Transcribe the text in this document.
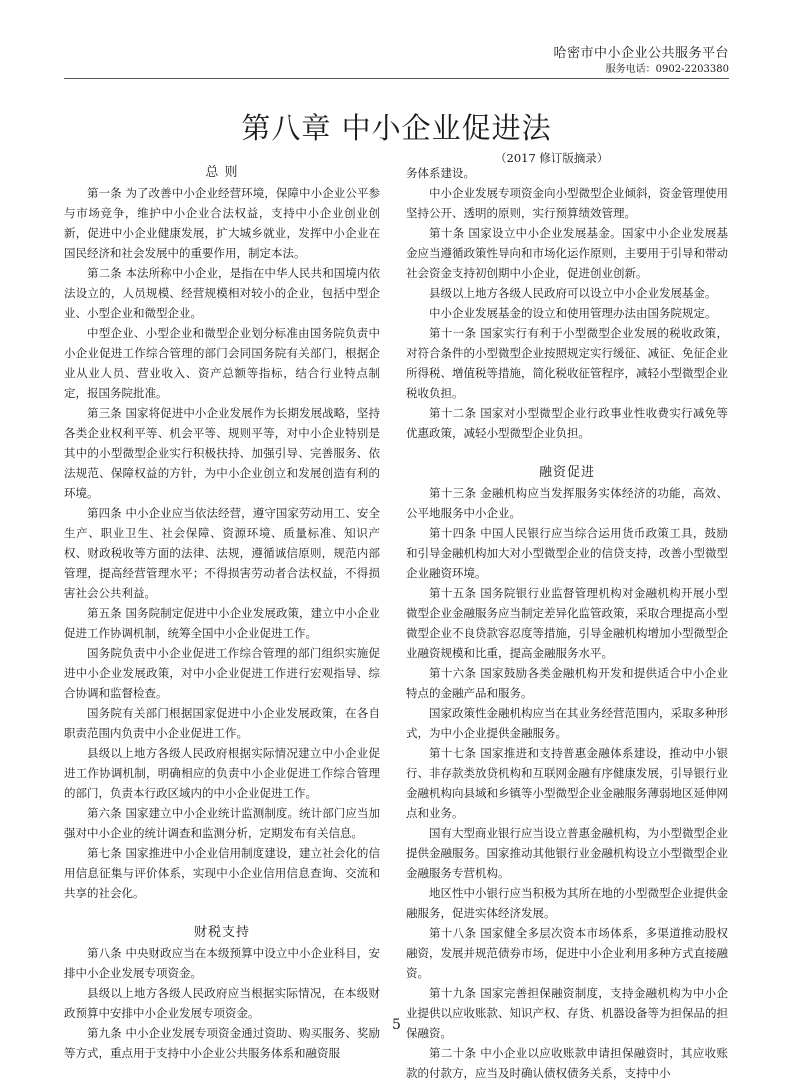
哈密市中小企业公共服务平台
服务电话：0902-2203380
第八章 中小企业促进法
（2017 修订版摘录）
总 则

第一条 为了改善中小企业经营环境，保障中小企业公平参与市场竞争，维护中小企业合法权益，支持中小企业创业创新，促进中小企业健康发展，扩大城乡就业，发挥中小企业在国民经济和社会发展中的重要作用，制定本法。

第二条 本法所称中小企业，是指在中华人民共和国境内依法设立的，人员规模、经营规模相对较小的企业，包括中型企业、小型企业和微型企业。

中型企业、小型企业和微型企业划分标准由国务院负责中小企业促进工作综合管理的部门会同国务院有关部门，根据企业从业人员、营业收入、资产总额等指标，结合行业特点制定，报国务院批准。

第三条 国家将促进中小企业发展作为长期发展战略，坚持各类企业权利平等、机会平等、规则平等，对中小企业特别是其中的小型微型企业实行积极扶持、加强引导、完善服务、依法规范、保障权益的方针，为中小企业创立和发展创造有利的环境。

第四条 中小企业应当依法经营，遵守国家劳动用工、安全生产、职业卫生、社会保障、资源环境、质量标准、知识产权、财政税收等方面的法律、法规，遵循诚信原则，规范内部管理，提高经营管理水平；不得损害劳动者合法权益，不得损害社会公共利益。

第五条 国务院制定促进中小企业发展政策，建立中小企业促进工作协调机制，统筹全国中小企业促进工作。

国务院负责中小企业促进工作综合管理的部门组织实施促进中小企业发展政策，对中小企业促进工作进行宏观指导、综合协调和监督检查。

国务院有关部门根据国家促进中小企业发展政策，在各自职责范围内负责中小企业促进工作。

县级以上地方各级人民政府根据实际情况建立中小企业促进工作协调机制，明确相应的负责中小企业促进工作综合管理的部门，负责本行政区域内的中小企业促进工作。

第六条 国家建立中小企业统计监测制度。统计部门应当加强对中小企业的统计调查和监测分析，定期发布有关信息。

第七条 国家推进中小企业信用制度建设，建立社会化的信用信息征集与评价体系，实现中小企业信用信息查询、交流和共享的社会化。

财税支持

第八条 中央财政应当在本级预算中设立中小企业科目，安排中小企业发展专项资金。

县级以上地方各级人民政府应当根据实际情况，在本级财政预算中安排中小企业发展专项资金。

第九条 中小企业发展专项资金通过资助、购买服务、奖励等方式，重点用于支持中小企业公共服务体系和融资服

务体系建设。

中小企业发展专项资金向小型微型企业倾斜，资金管理使用坚持公开、透明的原则，实行预算绩效管理。

第十条 国家设立中小企业发展基金。国家中小企业发展基金应当遵循政策性导向和市场化运作原则，主要用于引导和带动社会资金支持初创期中小企业，促进创业创新。

县级以上地方各级人民政府可以设立中小企业发展基金。

中小企业发展基金的设立和使用管理办法由国务院规定。

第十一条 国家实行有利于小型微型企业发展的税收政策，对符合条件的小型微型企业按照规定实行缓征、减征、免征企业所得税、增值税等措施，简化税收征管程序，减轻小型微型企业税收负担。

第十二条 国家对小型微型企业行政事业性收费实行减免等优惠政策，减轻小型微型企业负担。

融资促进

第十三条 金融机构应当发挥服务实体经济的功能，高效、公平地服务中小企业。

第十四条 中国人民银行应当综合运用货币政策工具，鼓励和引导金融机构加大对小型微型企业的信贷支持，改善小型微型企业融资环境。

第十五条 国务院银行业监督管理机构对金融机构开展小型微型企业金融服务应当制定差异化监管政策，采取合理提高小型微型企业不良贷款容忍度等措施，引导金融机构增加小型微型企业融资规模和比重，提高金融服务水平。

第十六条 国家鼓励各类金融机构开发和提供适合中小企业特点的金融产品和服务。

国家政策性金融机构应当在其业务经营范围内，采取多种形式，为中小企业提供金融服务。

第十七条 国家推进和支持普惠金融体系建设，推动中小银行、非存款类放贷机构和互联网金融有序健康发展，引导银行业金融机构向县域和乡镇等小型微型企业金融服务薄弱地区延伸网点和业务。

国有大型商业银行应当设立普惠金融机构，为小型微型企业提供金融服务。国家推动其他银行业金融机构设立小型微型企业金融服务专营机构。

地区性中小银行应当积极为其所在地的小型微型企业提供金融服务，促进实体经济发展。

第十八条 国家健全多层次资本市场体系，多渠道推动股权融资，发展并规范债券市场，促进中小企业利用多种方式直接融资。

第十九条 国家完善担保融资制度，支持金融机构为中小企业提供以应收账款、知识产权、存货、机器设备等为担保品的担保融资。

第二十条 中小企业以应收账款申请担保融资时，其应收账款的付款方，应当及时确认债权债务关系，支持中小

5
